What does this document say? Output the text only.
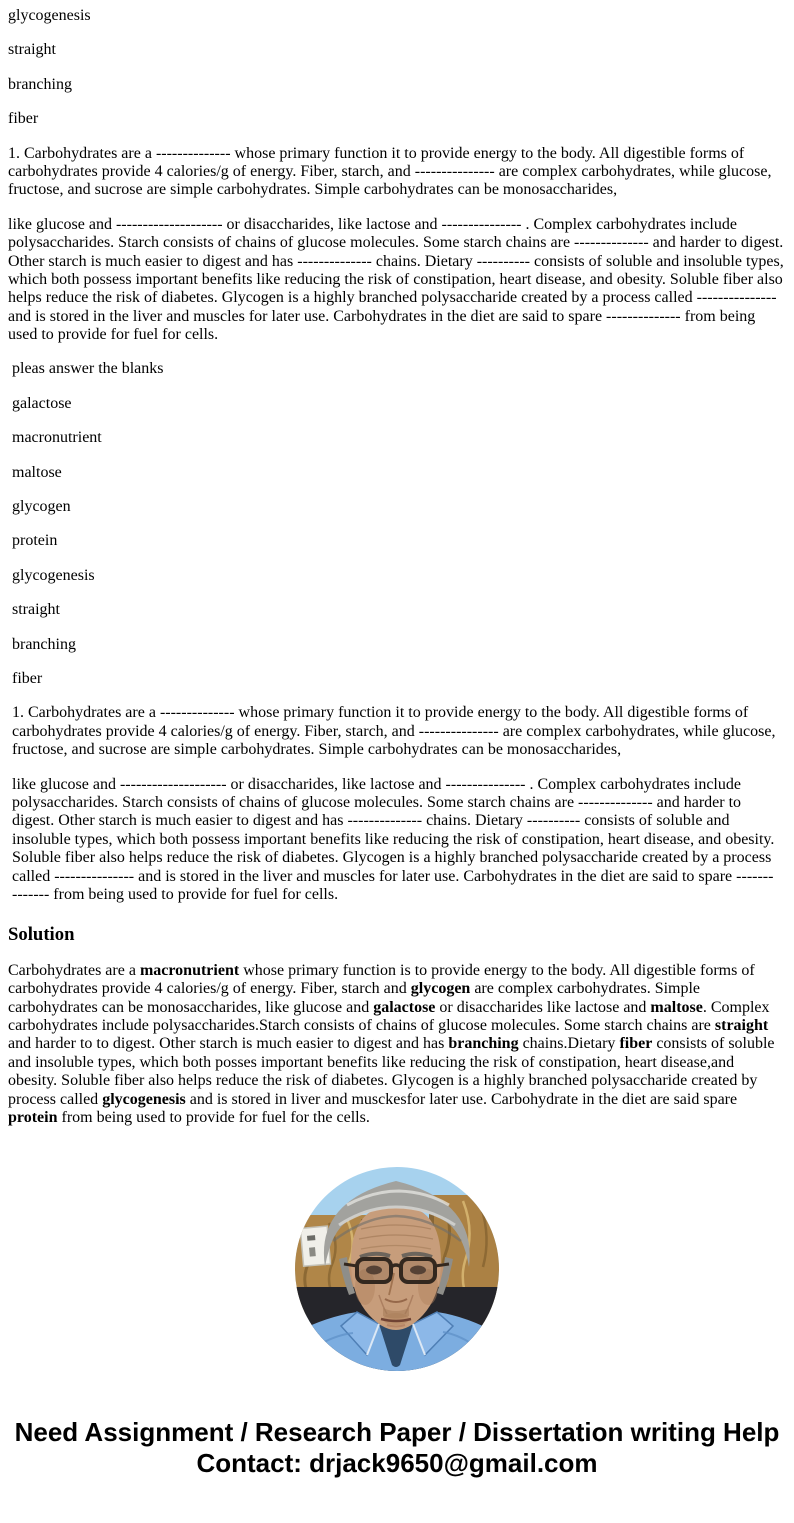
glycogenesis

straight

branching

fiber

1. Carbohydrates are a -------------- whose primary function it to provide energy to the body. All digestible forms of carbohydrates provide 4 calories/g of energy. Fiber, starch, and --------------- are complex carbohydrates, while glucose, fructose, and sucrose are simple carbohydrates. Simple carbohydrates can be monosaccharides,

like glucose and -------------------- or disaccharides, like lactose and --------------- . Complex carbohydrates include polysaccharides. Starch consists of chains of glucose molecules. Some starch chains are -------------- and harder to digest. Other starch is much easier to digest and has -------------- chains. Dietary ---------- consists of soluble and insoluble types, which both possess important benefits like reducing the risk of constipation, heart disease, and obesity. Soluble fiber also helps reduce the risk of diabetes. Glycogen is a highly branched polysaccharide created by a process called --------------- and is stored in the liver and muscles for later use. Carbohydrates in the diet are said to spare -------------- from being used to provide for fuel for cells.

pleas answer the blanks

galactose

macronutrient

maltose

glycogen

protein

glycogenesis

straight

branching

fiber

1. Carbohydrates are a -------------- whose primary function it to provide energy to the body. All digestible forms of carbohydrates provide 4 calories/g of energy. Fiber, starch, and --------------- are complex carbohydrates, while glucose, fructose, and sucrose are simple carbohydrates. Simple carbohydrates can be monosaccharides,

like glucose and -------------------- or disaccharides, like lactose and --------------- . Complex carbohydrates include polysaccharides. Starch consists of chains of glucose molecules. Some starch chains are -------------- and harder to digest. Other starch is much easier to digest and has -------------- chains. Dietary ---------- consists of soluble and insoluble types, which both possess important benefits like reducing the risk of constipation, heart disease, and obesity. Soluble fiber also helps reduce the risk of diabetes. Glycogen is a highly branched polysaccharide created by a process called --------------- and is stored in the liver and muscles for later use. Carbohydrates in the diet are said to spare -------------- from being used to provide for fuel for cells.

Solution

Carbohydrates are a macronutrient whose primary function is to provide energy to the body. All digestible forms of carbohydrates provide 4 calories/g of energy. Fiber, starch and glycogen are complex carbohydrates. Simple carbohydrates can be monosaccharides, like glucose and galactose or disaccharides like lactose and maltose. Complex carbohydrates include polysaccharides.Starch consists of chains of glucose molecules. Some starch chains are straight and harder to to digest. Other starch is much easier to digest and has branching chains.Dietary fiber consists of soluble and insoluble types, which both posses important benefits like reducing the risk of constipation, heart disease,and obesity. Soluble fiber also helps reduce the risk of diabetes. Glycogen is a highly branched polysaccharide created by process called glycogenesis and is stored in liver and musckesfor later use. Carbohydrate in the diet are said spare protein from being used to provide for fuel for the cells.

Need Assignment / Research Paper / Dissertation writing Help
Contact: drjack9650@gmail.com
